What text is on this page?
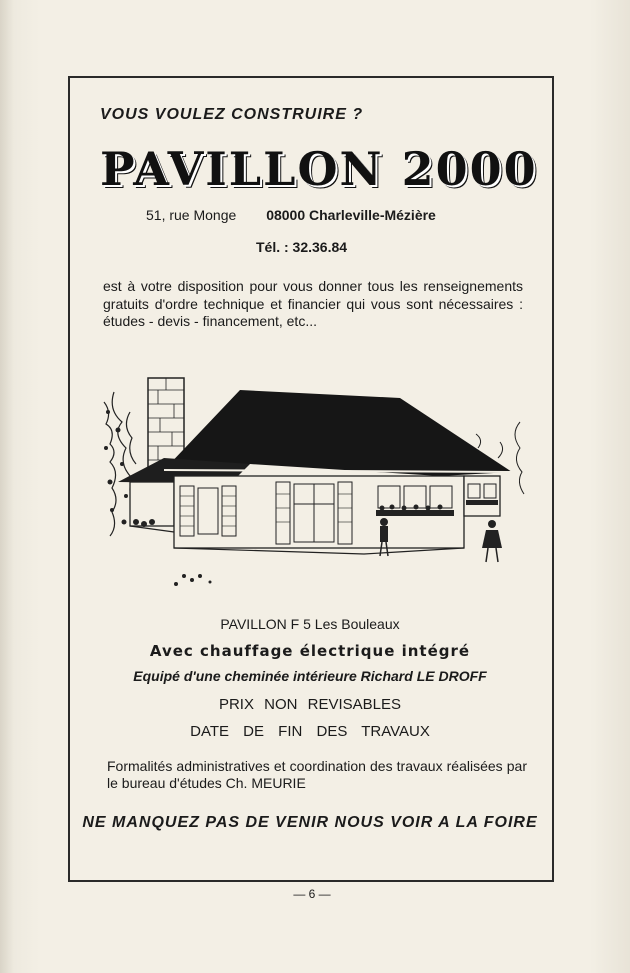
VOUS VOULEZ CONSTRUIRE ?
PAVILLON 2000
51, rue Monge 08000 Charleville-Mézière
Tél. : 32.36.84

est à votre disposition pour vous donner tous les renseignements gratuits d'ordre technique et financier qui vous sont nécessaires : études - devis - financement, etc...

PAVILLON F 5 Les Bouleaux
Avec chauffage électrique intégré
Equipé d'une cheminée intérieure Richard LE DROFF
PRIX NON REVISABLES
DATE DE FIN DES TRAVAUX

Formalités administratives et coordination des travaux réalisées par le bureau d'études Ch. MEURIE

NE MANQUEZ PAS DE VENIR NOUS VOIR A LA FOIRE

— 6 —
